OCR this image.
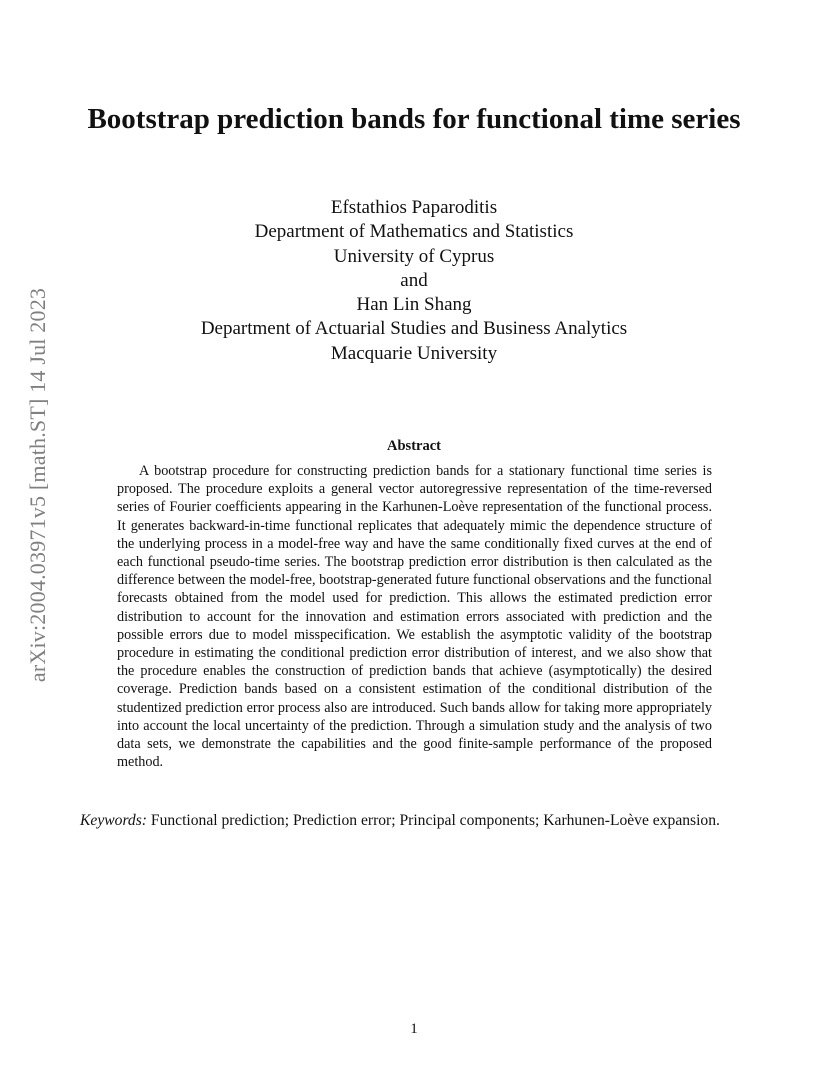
arXiv:2004.03971v5 [math.ST] 14 Jul 2023
Bootstrap prediction bands for functional time series
Efstathios Paparoditis
Department of Mathematics and Statistics
University of Cyprus
and
Han Lin Shang
Department of Actuarial Studies and Business Analytics
Macquarie University
Abstract

A bootstrap procedure for constructing prediction bands for a stationary functional time series is proposed. The procedure exploits a general vector autoregressive representation of the time-reversed series of Fourier coefficients appearing in the Karhunen-Loève representation of the functional process. It generates backward-in-time functional replicates that adequately mimic the dependence structure of the underlying process in a model-free way and have the same conditionally fixed curves at the end of each functional pseudo-time series. The bootstrap prediction error distribution is then calculated as the difference between the model-free, bootstrap-generated future functional observations and the functional forecasts obtained from the model used for prediction. This allows the estimated prediction error distribution to account for the innovation and estimation errors associated with prediction and the possible errors due to model misspecification. We establish the asymptotic validity of the bootstrap procedure in estimating the conditional prediction error distribution of interest, and we also show that the procedure enables the construction of prediction bands that achieve (asymptotically) the desired coverage. Prediction bands based on a consistent estimation of the conditional distribution of the studentized prediction error process also are introduced. Such bands allow for taking more appropriately into account the local uncertainty of the prediction. Through a simulation study and the analysis of two data sets, we demonstrate the capabilities and the good finite-sample performance of the proposed method.

Keywords: Functional prediction; Prediction error; Principal components; Karhunen-Loève expansion.

1
